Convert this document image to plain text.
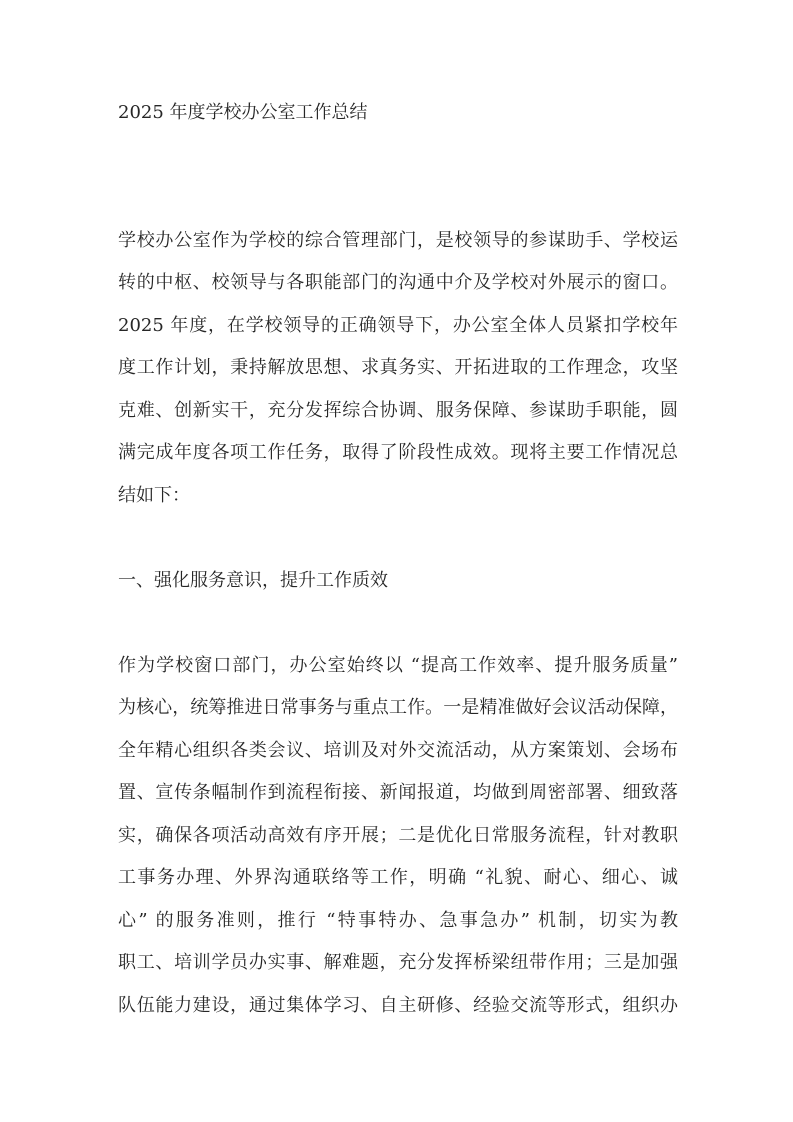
2025 年度学校办公室工作总结
学校办公室作为学校的综合管理部门，是校领导的参谋助手、学校运
转的中枢、校领导与各职能部门的沟通中介及学校对外展示的窗口。
2025 年度，在学校领导的正确领导下，办公室全体人员紧扣学校年
度工作计划，秉持解放思想、求真务实、开拓进取的工作理念，攻坚
克难、创新实干，充分发挥综合协调、服务保障、参谋助手职能，圆
满完成年度各项工作任务，取得了阶段性成效。现将主要工作情况总
结如下：
一、强化服务意识，提升工作质效
作为学校窗口部门，办公室始终以 “提高工作效率、提升服务质量”
为核心，统筹推进日常事务与重点工作。一是精准做好会议活动保障，
全年精心组织各类会议、培训及对外交流活动，从方案策划、会场布
置、宣传条幅制作到流程衔接、新闻报道，均做到周密部署、细致落
实，确保各项活动高效有序开展；二是优化日常服务流程，针对教职
工事务办理、外界沟通联络等工作，明确 “礼貌、耐心、细心、诚
心” 的服务准则，推行 “特事特办、急事急办” 机制，切实为教
职工、培训学员办实事、解难题，充分发挥桥梁纽带作用；三是加强
队伍能力建设，通过集体学习、自主研修、经验交流等形式，组织办
